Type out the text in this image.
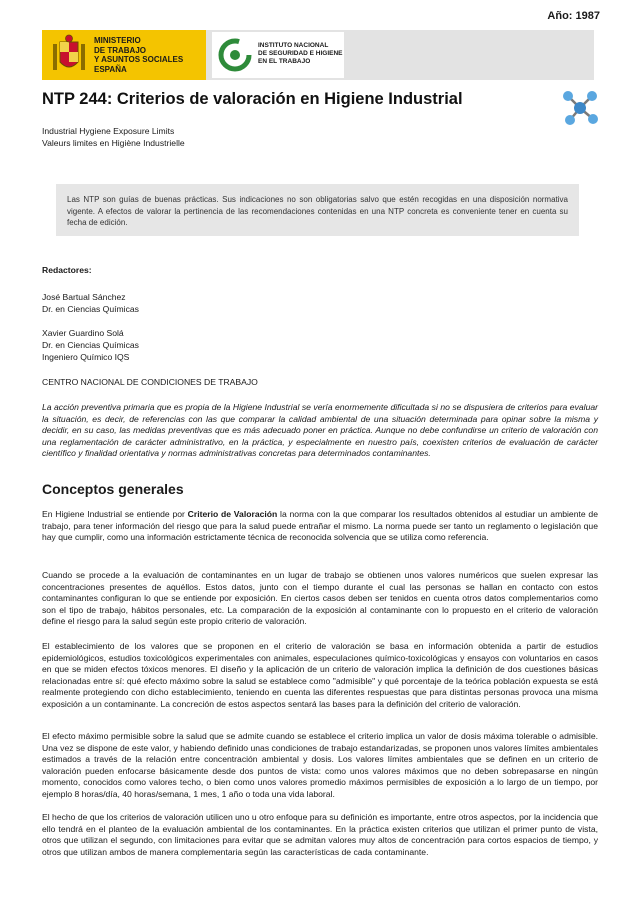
Año: 1987
MINISTERIO
DE TRABAJO
Y ASUNTOS SOCIALES
ESPAÑA
INSTITUTO NACIONAL
DE SEGURIDAD E HIGIENE
EN EL TRABAJO
NTP 244: Criterios de valoración en Higiene Industrial
Industrial Hygiene Exposure Limits
Valeurs limites en Higiène Industrielle
Las NTP son guías de buenas prácticas. Sus indicaciones no son obligatorias salvo que estén recogidas en una disposición normativa vigente. A efectos de valorar la pertinencia de las recomendaciones contenidas en una NTP concreta es conveniente tener en cuenta su fecha de edición.
Redactores:
José Bartual Sánchez
Dr. en Ciencias Químicas
Xavier Guardino Solá
Dr. en Ciencias Químicas
Ingeniero Químico IQS
CENTRO NACIONAL DE CONDICIONES DE TRABAJO

La acción preventiva primaria que es propia de la Higiene Industrial se vería enormemente dificultada si no se dispusiera de criterios para evaluar la situación, es decir, de referencias con las que comparar la calidad ambiental de una situación determinada para opinar sobre la misma y decidir, en su caso, las medidas preventivas que es más adecuado poner en práctica. Aunque no debe confundirse un criterio de valoración con una reglamentación de carácter administrativo, en la práctica, y especialmente en nuestro país, coexisten criterios de evaluación de carácter científico y finalidad orientativa y normas administrativas concretas para determinados contaminantes.

Conceptos generales

En Higiene Industrial se entiende por Criterio de Valoración la norma con la que comparar los resultados obtenidos al estudiar un ambiente de trabajo, para tener información del riesgo que para la salud puede entrañar el mismo. La norma puede ser tanto un reglamento o legislación que hay que cumplir, como una información estrictamente técnica de reconocida solvencia que se utiliza como referencia.

Cuando se procede a la evaluación de contaminantes en un lugar de trabajo se obtienen unos valores numéricos que suelen expresar las concentraciones presentes de aquéllos. Estos datos, junto con el tiempo durante el cual las personas se hallan en contacto con estos contaminantes configuran lo que se entiende por exposición. En ciertos casos deben ser tenidos en cuenta otros datos complementarios como son el tipo de trabajo, hábitos personales, etc. La comparación de la exposición al contaminante con lo propuesto en el criterio de valoración define el riesgo para la salud según este propio criterio de valoración.

El establecimiento de los valores que se proponen en el criterio de valoración se basa en información obtenida a partir de estudios epidemiológicos, estudios toxicológicos experimentales con animales, especulaciones químico-toxicológicas y ensayos con voluntarios en casos en que se miden efectos tóxicos menores. El diseño y la aplicación de un criterio de valoración implica la definición de dos cuestiones básicas relacionadas entre sí: qué efecto máximo sobre la salud se establece como "admisible" y qué porcentaje de la teórica población expuesta se está realmente protegiendo con dicho establecimiento, teniendo en cuenta las diferentes respuestas que para distintas personas provoca una misma exposición a un contaminante. La concreción de estos aspectos sentará las bases para la definición del criterio de valoración.

El efecto máximo permisible sobre la salud que se admite cuando se establece el criterio implica un valor de dosis máxima tolerable o admisible. Una vez se dispone de este valor, y habiendo definido unas condiciones de trabajo estandarizadas, se proponen unos valores límites ambientales estimados a través de la relación entre concentración ambiental y dosis. Los valores límites ambientales que se definen en un criterio de valoración pueden enfocarse básicamente desde dos puntos de vista: como unos valores máximos que no deben sobrepasarse en ningún momento, conocidos como valores techo, o bien como unos valores promedio máximos permisibles de exposición a lo largo de un tiempo, por ejemplo 8 horas/día, 40 horas/semana, 1 mes, 1 año o toda una vida laboral.

El hecho de que los criterios de valoración utilicen uno u otro enfoque para su definición es importante, entre otros aspectos, por la incidencia que ello tendrá en el planteo de la evaluación ambiental de los contaminantes. En la práctica existen criterios que utilizan el primer punto de vista, otros que utilizan el segundo, con limitaciones para evitar que se admitan valores muy altos de concentración para cortos espacios de tiempo, y otros que utilizan ambos de manera complementaria según las características de cada contaminante.
